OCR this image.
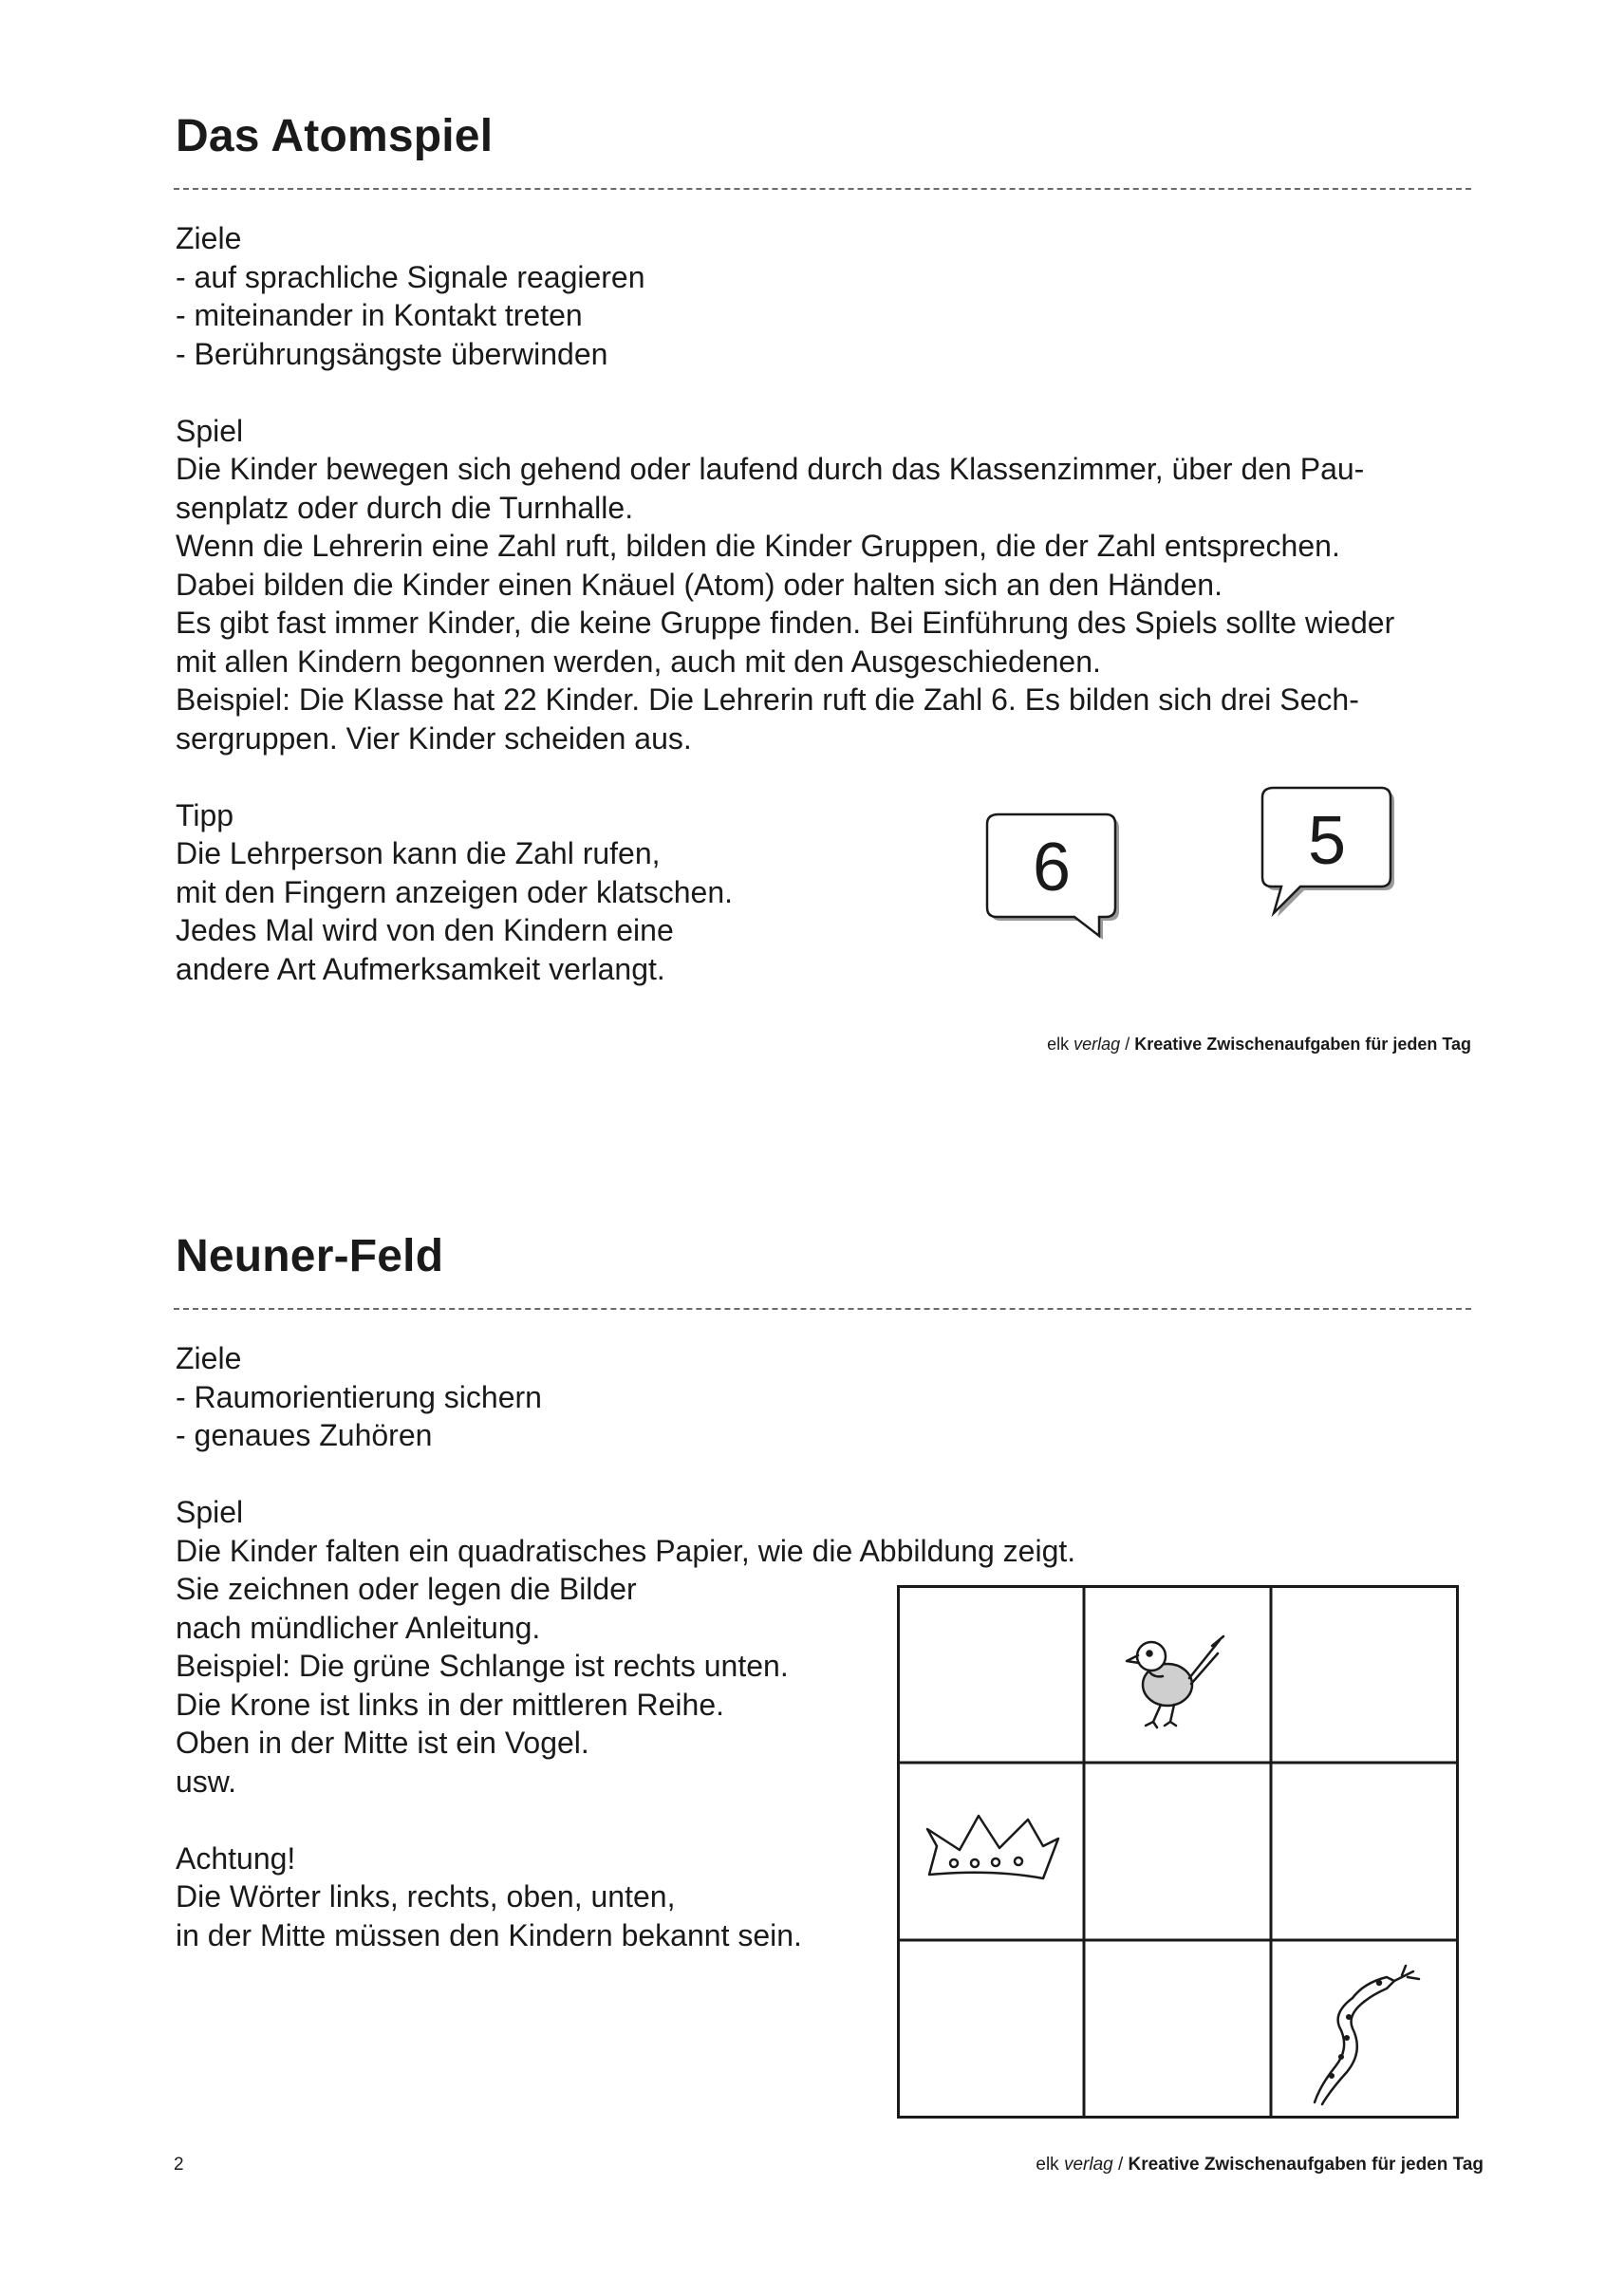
Das Atomspiel
Ziele
- auf sprachliche Signale reagieren
- miteinander in Kontakt treten
- Berührungsängste überwinden
Spiel
Die Kinder bewegen sich gehend oder laufend durch das Klassenzimmer, über den Pau-
senplatz oder durch die Turnhalle.
Wenn die Lehrerin eine Zahl ruft, bilden die Kinder Gruppen, die der Zahl entsprechen.
Dabei bilden die Kinder einen Knäuel (Atom) oder halten sich an den Händen.
Es gibt fast immer Kinder, die keine Gruppe finden. Bei Einführung des Spiels sollte wieder
mit allen Kindern begonnen werden, auch mit den Ausgeschiedenen.
Beispiel: Die Klasse hat 22 Kinder. Die Lehrerin ruft die Zahl 6. Es bilden sich drei Sech-
sergruppen. Vier Kinder scheiden aus.
Tipp
Die Lehrperson kann die Zahl rufen,
mit den Fingern anzeigen oder klatschen.
Jedes Mal wird von den Kindern eine
andere Art Aufmerksamkeit verlangt.
6	5
elk verlag / Kreative Zwischenaufgaben für jeden Tag
Neuner-Feld
Ziele
- Raumorientierung sichern
- genaues Zuhören
Spiel
Die Kinder falten ein quadratisches Papier, wie die Abbildung zeigt.
Sie zeichnen oder legen die Bilder
nach mündlicher Anleitung.
Beispiel: Die grüne Schlange ist rechts unten.
Die Krone ist links in der mittleren Reihe.
Oben in der Mitte ist ein Vogel.
usw.
Achtung!
Die Wörter links, rechts, oben, unten,
in der Mitte müssen den Kindern bekannt sein.
2	elk verlag / Kreative Zwischenaufgaben für jeden Tag
